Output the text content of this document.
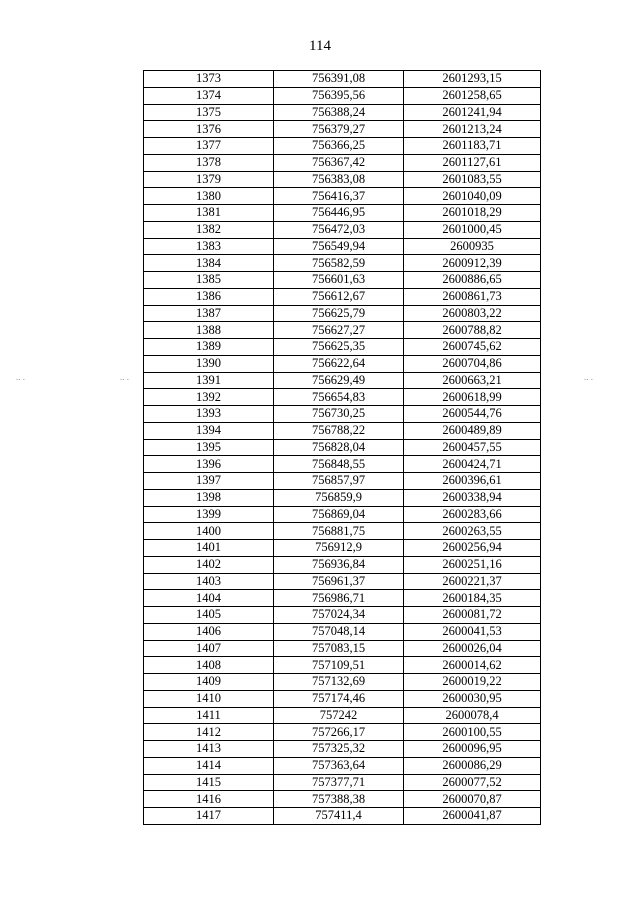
114
1373	756391,08	2601293,15
1374	756395,56	2601258,65
1375	756388,24	2601241,94
1376	756379,27	2601213,24
1377	756366,25	2601183,71
1378	756367,42	2601127,61
1379	756383,08	2601083,55
1380	756416,37	2601040,09
1381	756446,95	2601018,29
1382	756472,03	2601000,45
1383	756549,94	2600935
1384	756582,59	2600912,39
1385	756601,63	2600886,65
1386	756612,67	2600861,73
1387	756625,79	2600803,22
1388	756627,27	2600788,82
1389	756625,35	2600745,62
1390	756622,64	2600704,86
1391	756629,49	2600663,21
1392	756654,83	2600618,99
1393	756730,25	2600544,76
1394	756788,22	2600489,89
1395	756828,04	2600457,55
1396	756848,55	2600424,71
1397	756857,97	2600396,61
1398	756859,9	2600338,94
1399	756869,04	2600283,66
1400	756881,75	2600263,55
1401	756912,9	2600256,94
1402	756936,84	2600251,16
1403	756961,37	2600221,37
1404	756986,71	2600184,35
1405	757024,34	2600081,72
1406	757048,14	2600041,53
1407	757083,15	2600026,04
1408	757109,51	2600014,62
1409	757132,69	2600019,22
1410	757174,46	2600030,95
1411	757242	2600078,4
1412	757266,17	2600100,55
1413	757325,32	2600096,95
1414	757363,64	2600086,29
1415	757377,71	2600077,52
1416	757388,38	2600070,87
1417	757411,4	2600041,87
.. .	.. .	.. .
